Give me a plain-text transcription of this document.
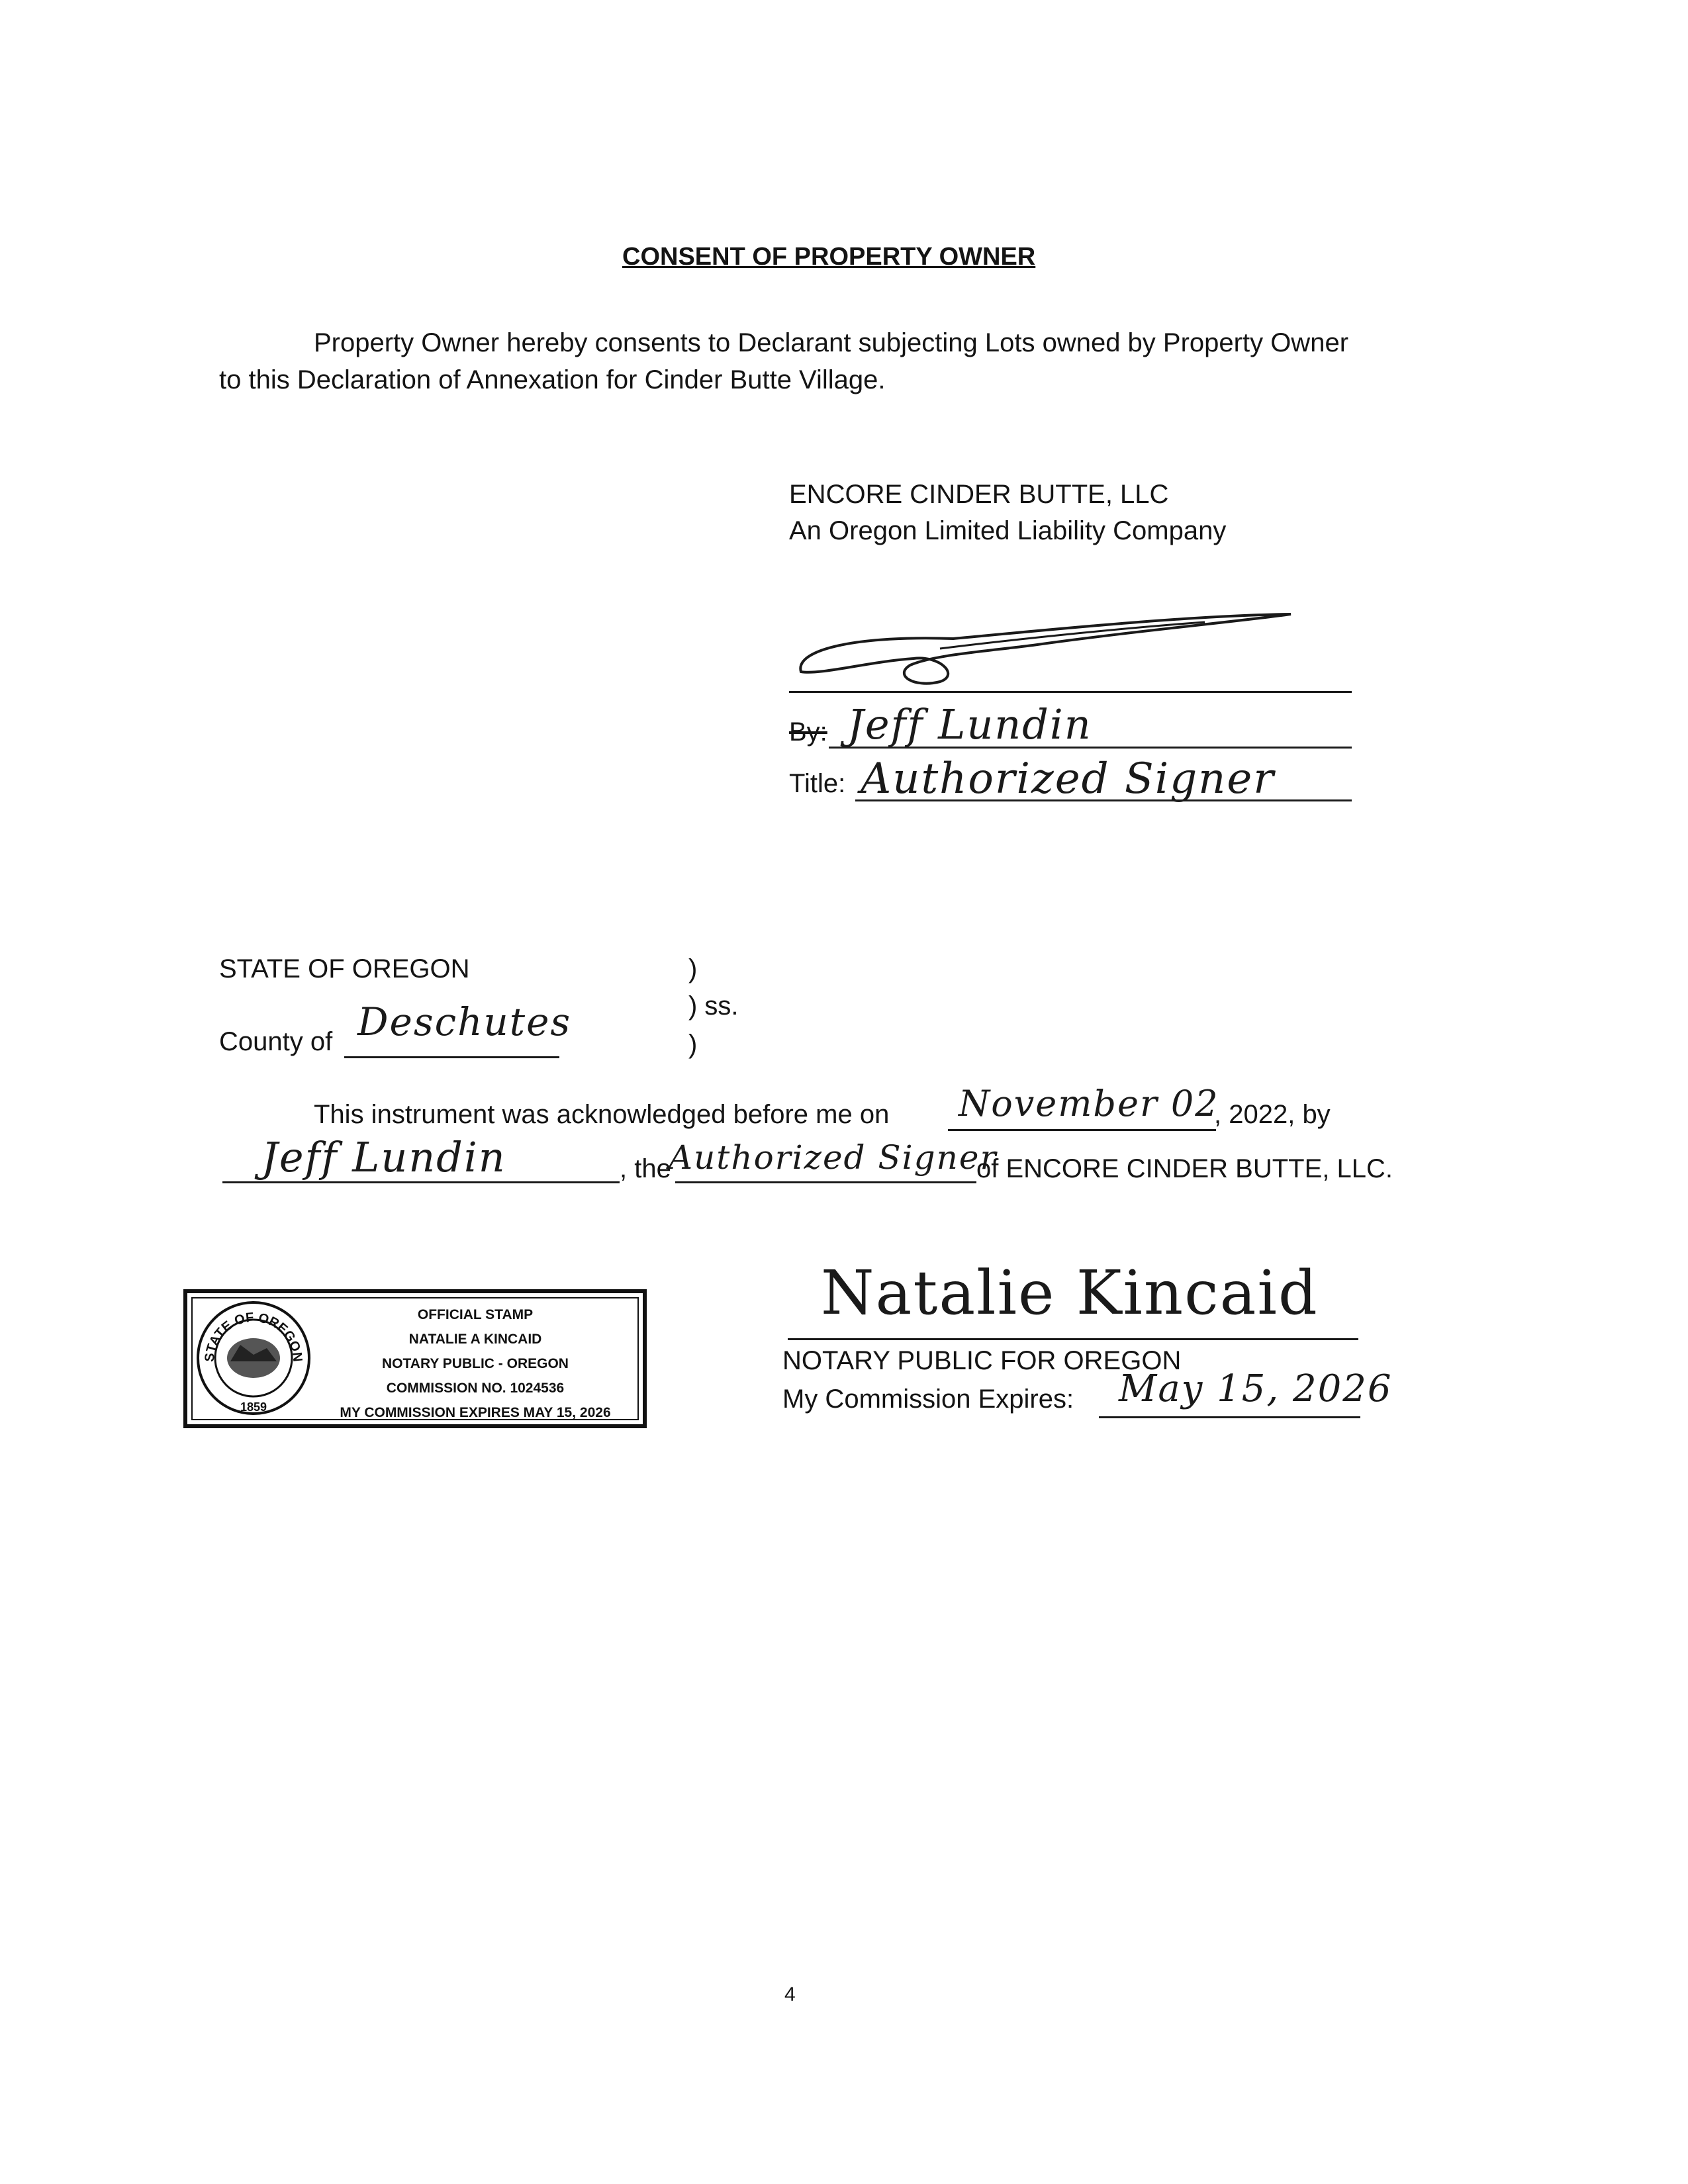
CONSENT OF PROPERTY OWNER
Property Owner hereby consents to Declarant subjecting Lots owned by Property Owner
to this Declaration of Annexation for Cinder Butte Village.
ENCORE CINDER BUTTE, LLC
An Oregon Limited Liability Company
By: Jeff Lundin
Title: Authorized Signer
STATE OF OREGON	)
) ss.
)
County of Deschutes
This instrument was acknowledged before me on November 02
, 2022, by
Jeff Lundin	, the
Authorized Signer
of ENCORE CINDER BUTTE, LLC.
STATE OF OREGON
1859
OFFICIAL STAMP
NATALIE A KINCAID
NOTARY PUBLIC - OREGON
COMMISSION NO. 1024536
MY COMMISSION EXPIRES MAY 15, 2026
Natalie Kincaid
NOTARY PUBLIC FOR OREGON
My Commission Expires: May 15, 2026
4
